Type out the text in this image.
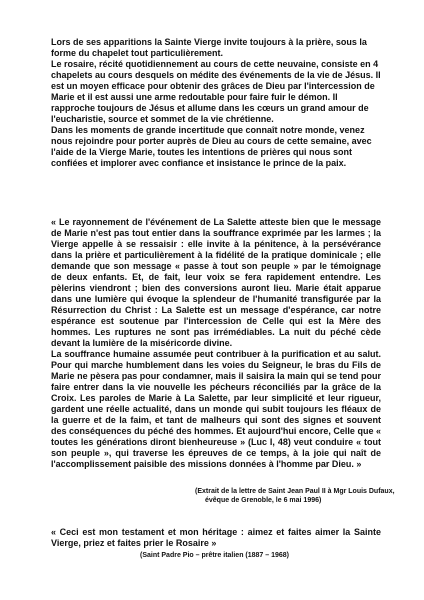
Lors de ses apparitions la Sainte Vierge invite toujours à la prière, sous la forme du chapelet tout particulièrement.
Le rosaire, récité quotidiennement au cours de cette neuvaine, consiste en 4 chapelets au cours desquels on médite des événements de la vie de Jésus. Il est un moyen efficace pour obtenir des grâces de Dieu par l'intercession de Marie et il est aussi une arme redoutable pour faire fuir le démon. Il rapproche toujours de Jésus et allume dans les cœurs un grand amour de l'eucharistie, source et sommet de la vie chrétienne.
Dans les moments de grande incertitude que connaît notre monde, venez nous rejoindre pour porter auprès de Dieu au cours de cette semaine, avec l'aide de la Vierge Marie, toutes les intentions de prières qui nous sont confiées et implorer avec confiance et insistance le prince de la paix.
« Le rayonnement de l'événement de La Salette atteste bien que le message de Marie n'est pas tout entier dans la souffrance exprimée par les larmes ; la Vierge appelle à se ressaisir : elle invite à la pénitence, à la persévérance dans la prière et particulièrement à la fidélité de la pratique dominicale ; elle demande que son message « passe à tout son peuple » par le témoignage de deux enfants. Et, de fait, leur voix se fera rapidement entendre. Les pèlerins viendront ; bien des conversions auront lieu. Marie était apparue dans une lumière qui évoque la splendeur de l'humanité transfigurée par la Résurrection du Christ : La Salette est un message d'espérance, car notre espérance est soutenue par l'intercession de Celle qui est la Mère des hommes. Les ruptures ne sont pas irrémédiables. La nuit du péché cède devant la lumière de la miséricorde divine.
La souffrance humaine assumée peut contribuer à la purification et au salut. Pour qui marche humblement dans les voies du Seigneur, le bras du Fils de Marie ne pèsera pas pour condamner, mais il saisira la main qui se tend pour faire entrer dans la vie nouvelle les pécheurs réconciliés par la grâce de la Croix. Les paroles de Marie à La Salette, par leur simplicité et leur rigueur, gardent une réelle actualité, dans un monde qui subit toujours les fléaux de la guerre et de la faim, et tant de malheurs qui sont des signes et souvent des conséquences du péché des hommes. Et aujourd'hui encore, Celle que « toutes les générations diront bienheureuse » (Luc I, 48) veut conduire « tout son peuple », qui traverse les épreuves de ce temps, à la joie qui naît de l'accomplissement paisible des missions données à l'homme par Dieu. »
(Extrait de la lettre de Saint Jean Paul II à Mgr Louis Dufaux,
évêque de Grenoble, le 6 mai 1996)
« Ceci est mon testament et mon héritage : aimez et faites aimer la Sainte Vierge, priez et faites prier le Rosaire »
(Saint Padre Pio – prêtre italien (1887 – 1968)
